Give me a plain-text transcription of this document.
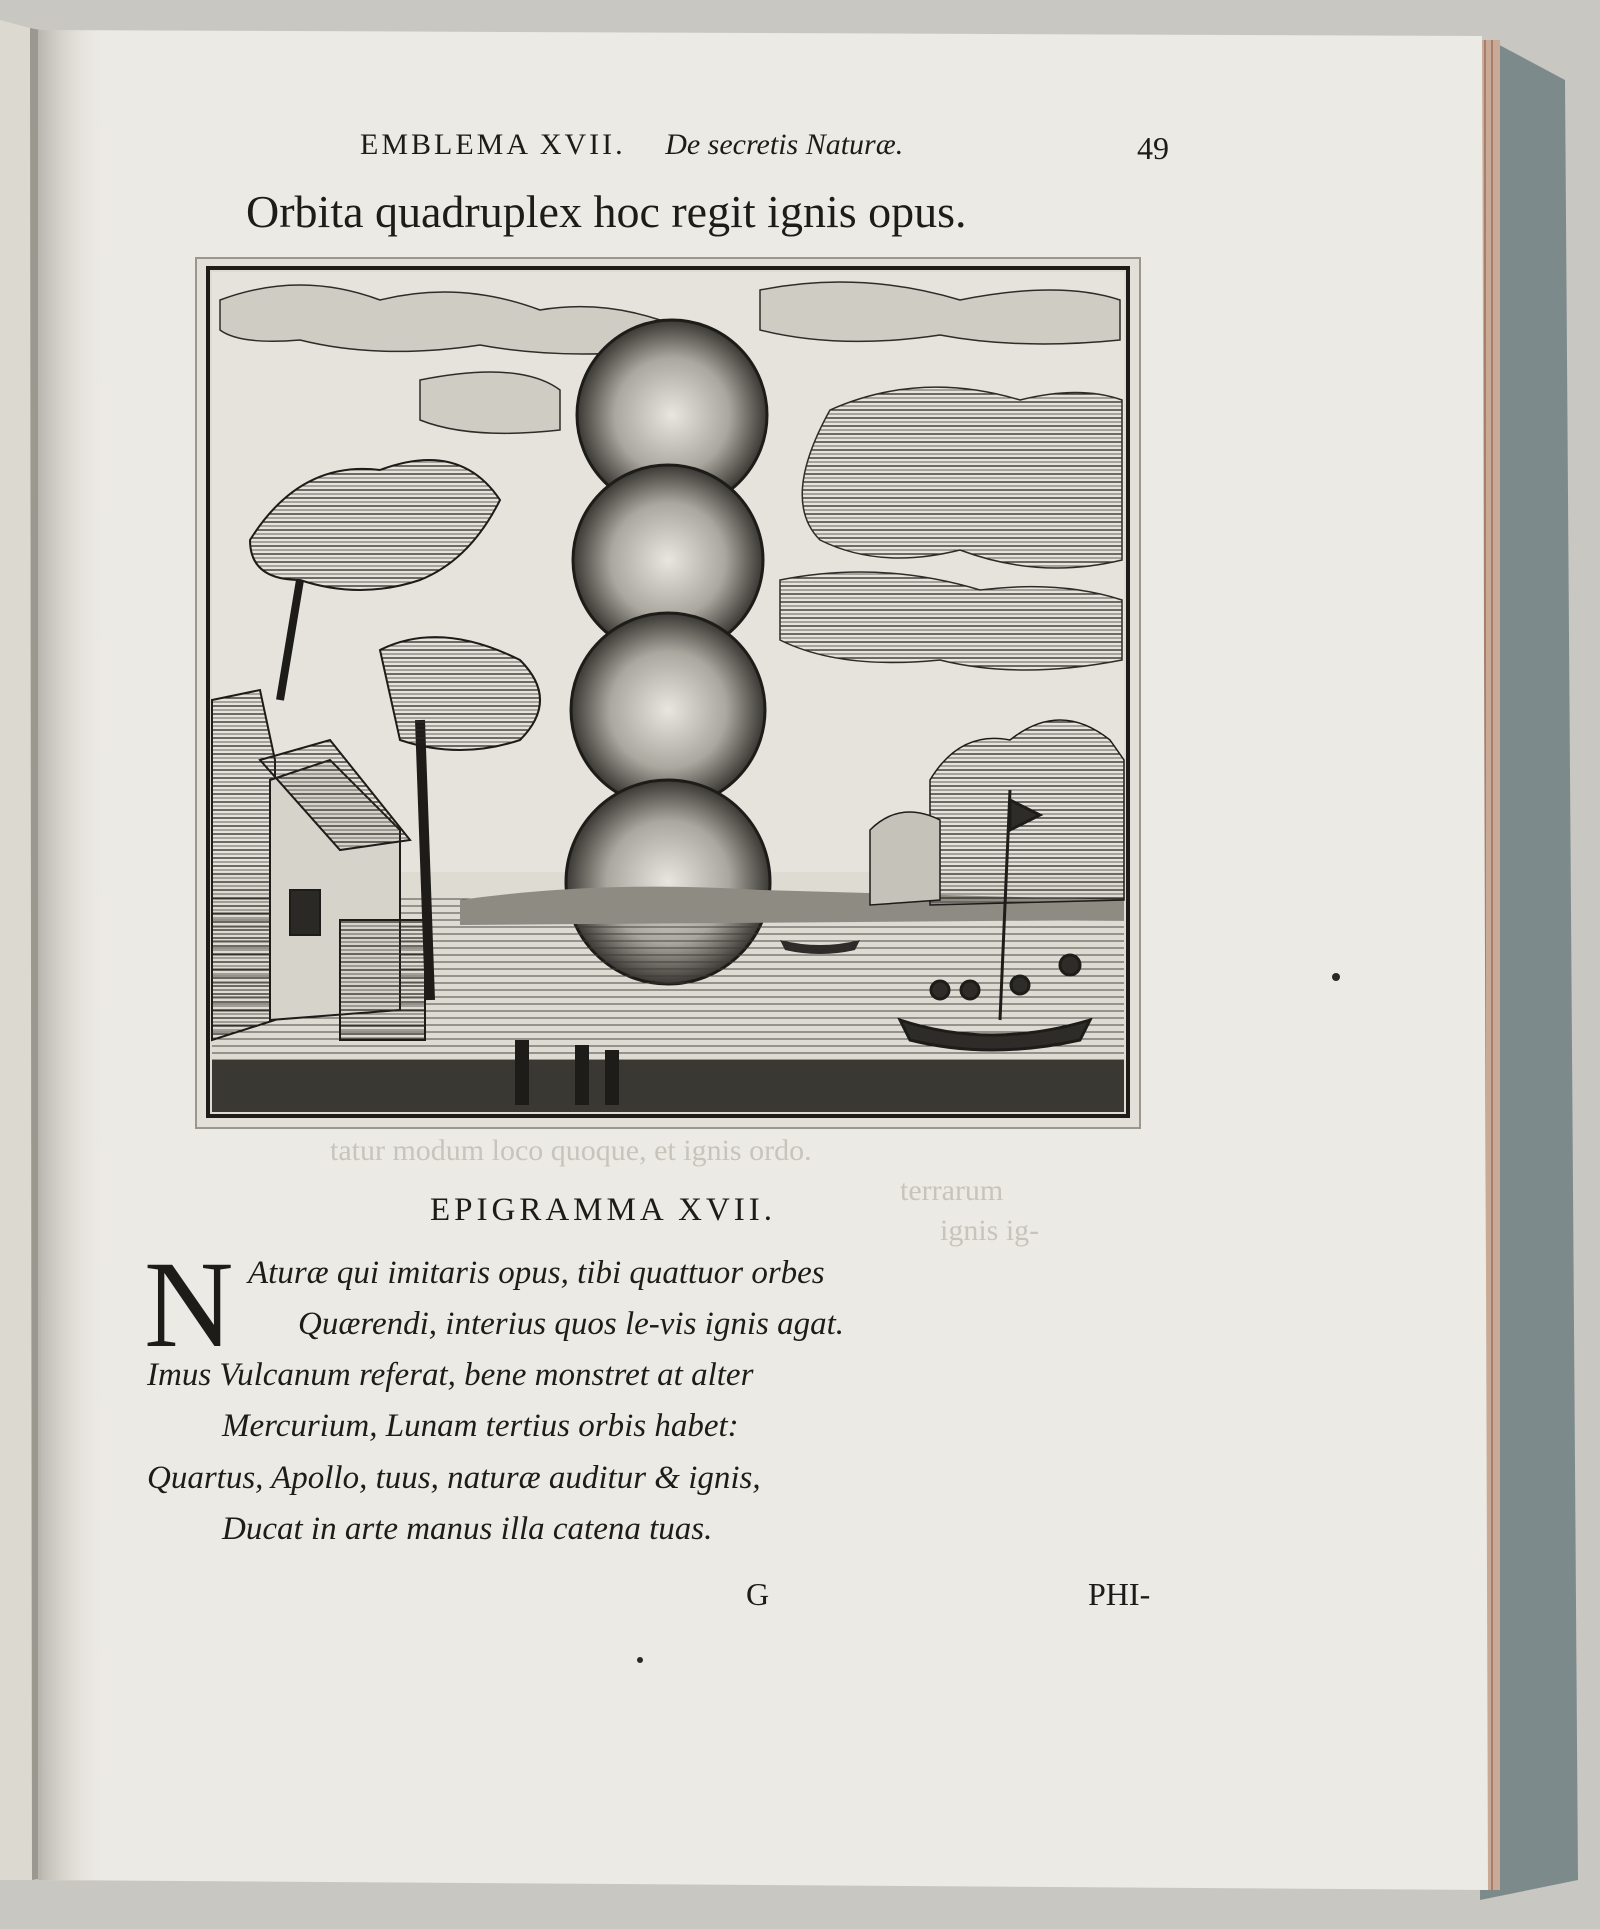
tatur modum loco quoque, et ignis ordo.
terrarum
ignis ig-
EMBLEMA XVII. De secretis Naturæ.	49
Orbita quadruplex hoc regit ignis opus.
EPIGRAMMA XVII.
N Aturæ qui imitaris opus, tibi quattuor orbes
Quærendi, interius quos le-vis ignis agat.
Imus Vulcanum referat, bene monstret at alter
Mercurium, Lunam tertius orbis habet:
Quartus, Apollo, tuus, naturæ auditur & ignis,
Ducat in arte manus illa catena tuas.
G	PHI-
